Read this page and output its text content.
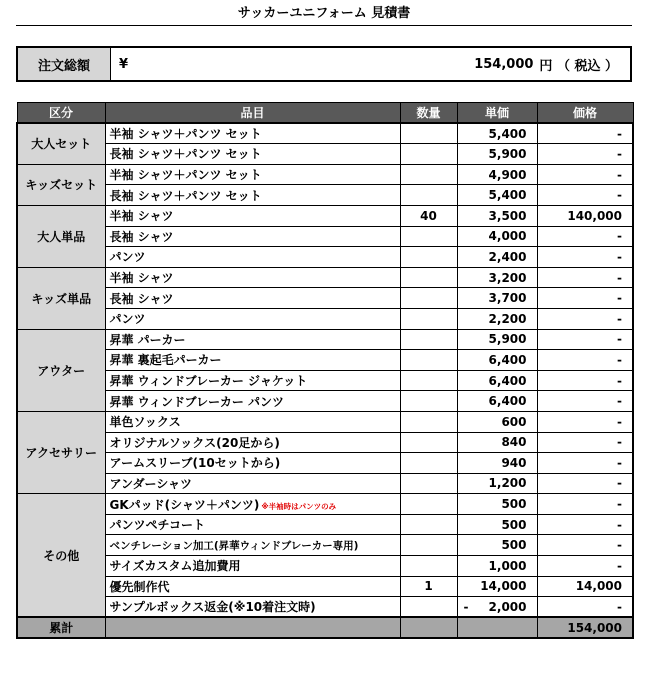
サッカーユニフォーム 見積書
注文総額	¥	154,000 円 （ 税込 ）
区分	品目	数量	単価	価格
大人セット	半袖 シャツ＋パンツ セット		5,400	-
	長袖 シャツ＋パンツ セット		5,900	-
キッズセット	半袖 シャツ＋パンツ セット		4,900	-
	長袖 シャツ＋パンツ セット		5,400	-
大人単品	半袖 シャツ	40	3,500	140,000
	長袖 シャツ		4,000	-
	パンツ		2,400	-
キッズ単品	半袖 シャツ		3,200	-
	長袖 シャツ		3,700	-
	パンツ		2,200	-
アウター	昇華 パーカー		5,900	-
	昇華 裏起毛パーカー		6,400	-
	昇華 ウィンドブレーカー ジャケット		6,400	-
	昇華 ウィンドブレーカー パンツ		6,400	-
アクセサリー	単色ソックス		600	-
	オリジナルソックス(20足から)		840	-
	アームスリーブ(10セットから)		940	-
	アンダーシャツ		1,200	-
その他	GKパッド(シャツ＋パンツ) ※半袖時はパンツのみ		500	-
	パンツペチコート		500	-
	ベンチレーション加工(昇華ウィンドブレーカー専用)		500	-
	サイズカスタム追加費用		1,000	-
	優先制作代	1	14,000	14,000
	サンプルボックス返金(※10着注文時)		- 2,000	-
累計				154,000
